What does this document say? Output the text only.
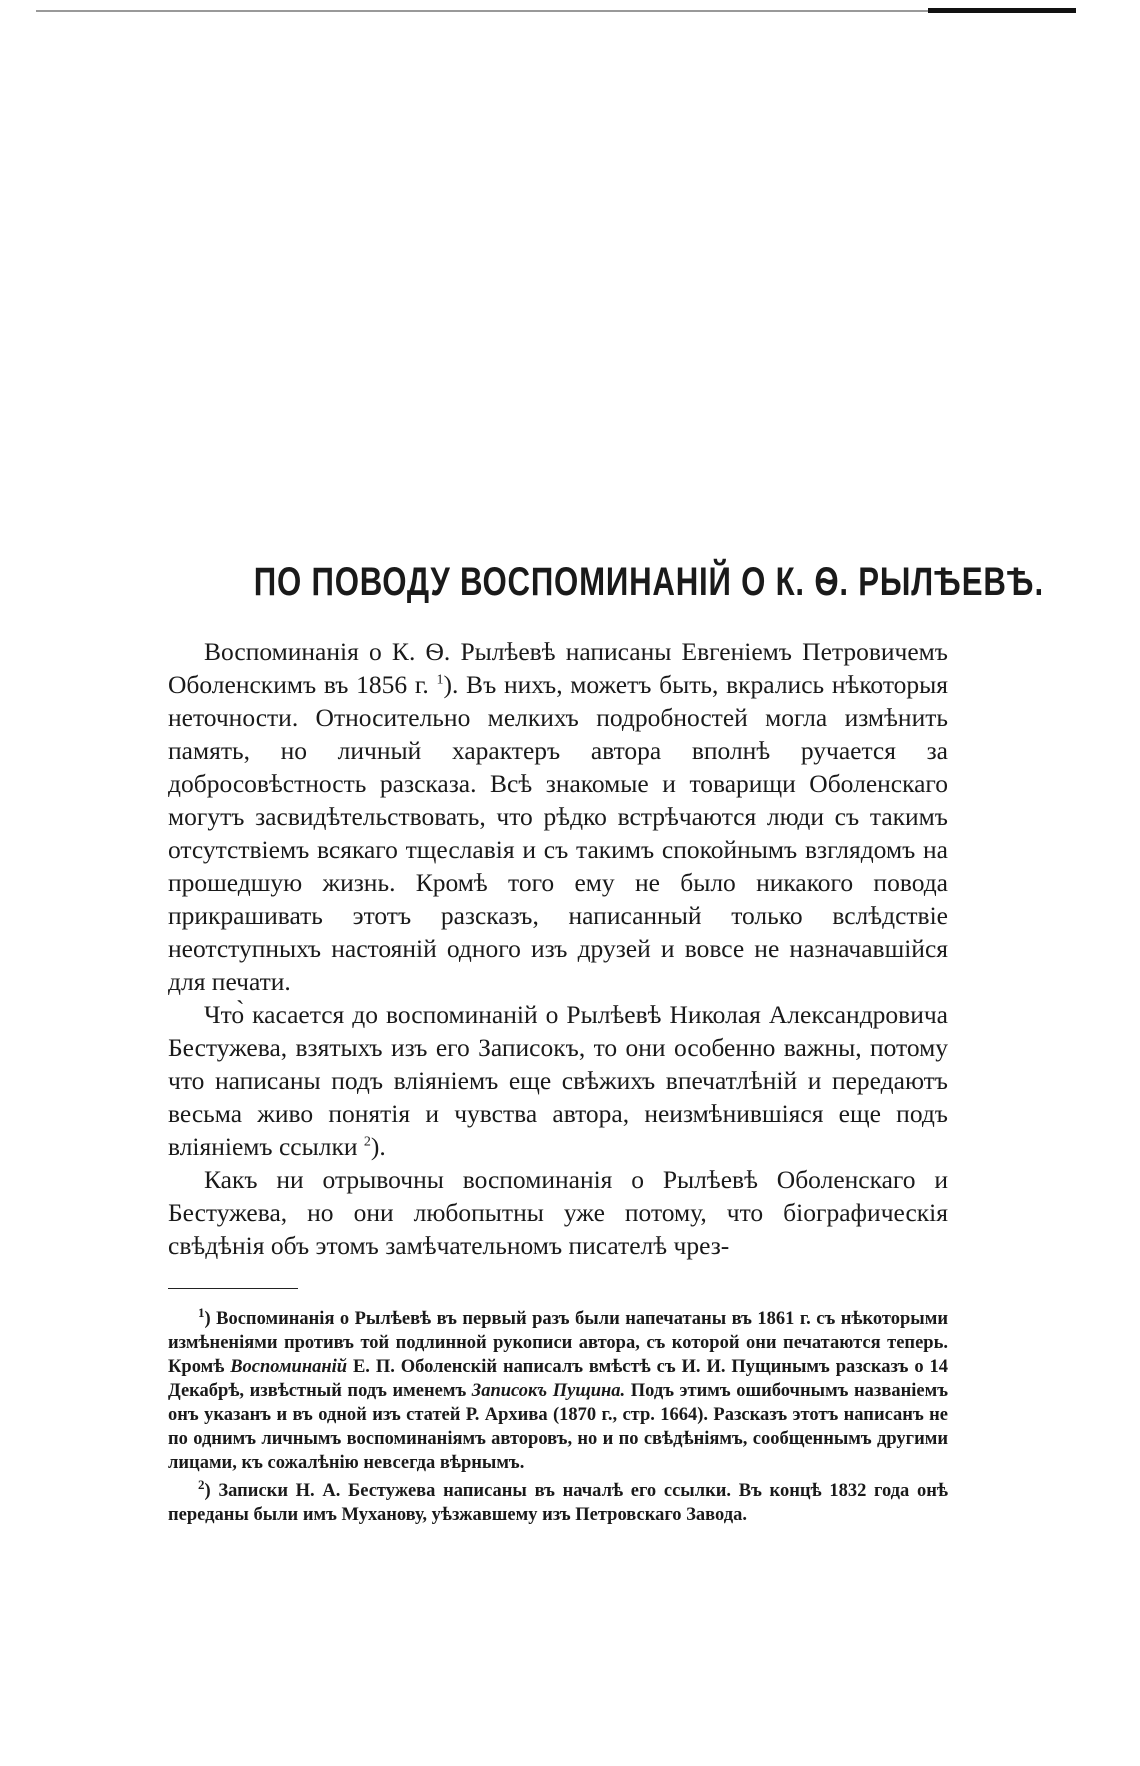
ПО ПОВОДУ ВОСПОМИНАНІЙ О К. Ѳ. РЫЛѢЕВѢ.

Воспоминанія о К. Ѳ. Рылѣевѣ написаны Евгеніемъ Петровичемъ Оболенскимъ въ 1856 г. $^1$). Въ нихъ, можетъ быть, вкрались нѣкоторыя неточности. Относительно мелкихъ подробностей могла измѣнить память, но личный характеръ автора вполнѣ ручается за добросовѣстность разсказа. Всѣ знакомые и товарищи Оболенскаго могутъ засвидѣтельствовать, что рѣдко встрѣчаются люди съ такимъ отсутствіемъ всякаго тщеславія и съ такимъ спокойнымъ взглядомъ на прошедшую жизнь. Кромѣ того ему не было никакого повода прикрашивать этотъ разсказъ, написанный только вслѣдствіе неотступныхъ настояній одного изъ друзей и вовсе не назначавшійся для печати.

Что̀ касается до воспоминаній о Рылѣевѣ Николая Александровича Бестужева, взятыхъ изъ его Записокъ, то они особенно важны, потому что написаны подъ вліяніемъ еще свѣжихъ впечатлѣній и передаютъ весьма живо понятія и чувства автора, неизмѣнившіяся еще подъ вліяніемъ ссылки $^2$).

Какъ ни отрывочны воспоминанія о Рылѣевѣ Оболенскаго и Бестужева, но они любопытны уже потому, что біографическія свѣдѣнія объ этомъ замѣчательномъ писателѣ чрез-

$^1$) Воспоминанія о Рылѣевѣ въ первый разъ были напечатаны въ 1861 г. съ нѣкоторыми измѣненіями противъ той подлинной рукописи автора, съ которой они печатаются теперь. Кромѣ Воспоминаній Е. П. Оболенскій написалъ вмѣстѣ съ И. И. Пущинымъ разсказъ о 14 Декабрѣ, извѣстный подъ именемъ Записокъ Пущина. Подъ этимъ ошибочнымъ названіемъ онъ указанъ и въ одной изъ статей Р. Архива (1870 г., стр. 1664). Разсказъ этотъ написанъ не по однимъ личнымъ воспоминаніямъ авторовъ, но и по свѣдѣніямъ, сообщеннымъ другими лицами, къ сожалѣнію невсегда вѣрнымъ.

$^2$) Записки Н. А. Бестужева написаны въ началѣ его ссылки. Въ концѣ 1832 года онѣ переданы были имъ Муханову, уѣзжавшему изъ Петровскаго Завода.
